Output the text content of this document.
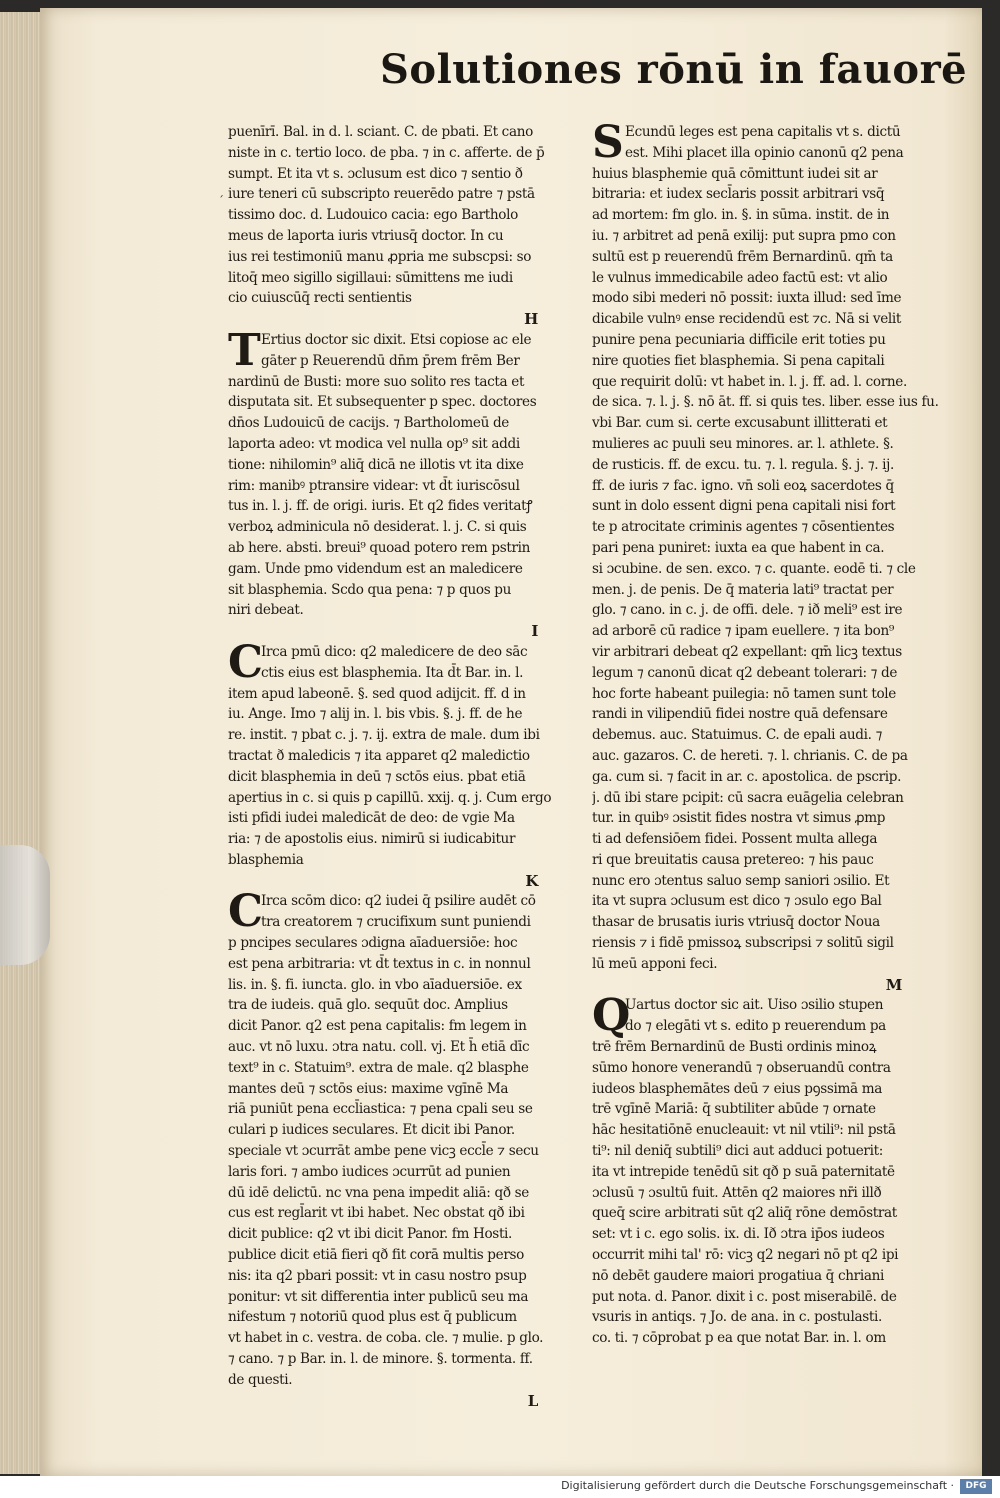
Solutiones rōnū in fauorē
ˊ
puenīrī. Bal. in d. l. sciant. C. de pbati. Et cano
niste in c. tertio loco. de pba. ⁊ in c. afferte. de p̄
sumpt. Et ita vt s. ɔclusum est dico ⁊ sentio ð
iure teneri cū subscripto reuerēdo patre ⁊ pstā
tissimo doc. d. Ludouico cacia: ego Bartholo
meus de laporta iuris vtriusq̄ doctor. In cu
ius rei testimoniū manu ꝓpria me subscpsi: so
litoq̄ meo sigillo sigillaui: sūmittens me iudi
cio cuiuscūq̄ recti sentientis
H
T Ertius doctor sic dixit. Etsi copiose ac ele
gāter p Reuerendū dn̄m p̄rem frēm Ber
nardinū de Busti: more suo solito res tacta et
disputata sit. Et subsequenter p spec. doctores
dn̄os Ludouicū de cacijs. ⁊ Bartholomeū de
laporta adeo: vt modica vel nulla op⁹ sit addi
tione: nihilomin⁹ aliq̄ dicā ne illotis vt ita dixe
rim: manibꝰ ptransire videar: vt d̄t iuriscōsul
tus in. l. j. ff. de origi. iuris. Et q2 fides veritatꝭ
verboꝝ adminicula nō desiderat. l. j. C. si quis
ab here. absti. breui⁹ quoad potero rem pstrin
gam. Unde pmo videndum est an maledicere
sit blasphemia. Scdo qua pena: ⁊ p quos pu
niri debeat.
I
C
Irca pmū dico: q2 maledicere de deo sāc
ctis eius est blasphemia. Ita d̄t Bar. in. l.
item apud labeonē. §. sed quod adijcit. ff. d in
iu. Ange. Imo ⁊ alij in. l. bis vbis. §. j. ff. de he
re. instit. ⁊ pbat c. j. ⁊. ij. extra de male. dum ibi
tractat ð maledicis ⁊ ita apparet q2 maledictio
dicit blasphemia in deū ⁊ sctōs eius. pbat etiā
apertius in c. si quis p capillū. xxij. q. j. Cum ergo
isti pfidi iudei maledicāt de deo: de vgie Ma
ria: ⁊ de apostolis eius. nimirū si iudicabitur
blasphemia
K
C
Irca scōm dico: q2 iudei q̄ psilire audēt cō
tra creatorem ⁊ crucifixum sunt puniendi
p pncipes seculares ɔdigna aīaduersiōe: hoc
est pena arbitraria: vt d̄t textus in c. in nonnul
lis. in. §. fi. iuncta. glo. in vbo aīaduersiōe. ex
tra de iudeis. quā glo. sequūt doc. Amplius
dicit Panor. q2 est pena capitalis: fm legem in
auc. vt nō luxu. ɔtra natu. coll. vj. Et h̄ etiā dīc
text⁹ in c. Statuim⁹. extra de male. q2 blasphe
mantes deū ⁊ sctōs eius: maxime vgīnē Ma
riā puniūt pena eccl̄iastica: ⁊ pena cpali seu se
culari p iudices seculares. Et dicit ibi Panor.
speciale vt ɔcurrāt ambe pene vicꝫ eccl̄e ⁊ secu
laris fori. ⁊ ambo iudices ɔcurrūt ad punien
dū idē delictū. nc vna pena impedit aliā: qð se
cus est regl̄arit vt ibi habet. Nec obstat qð ibi
dicit publice: q2 vt ibi dicit Panor. fm Hosti.
publice dicit etiā fieri qð fit corā multis perso
nis: ita q2 pbari possit: vt in casu nostro psup
ponitur: vt sit differentia inter publicū seu ma
nifestum ⁊ notoriū quod plus est q̄ publicum
vt habet in c. vestra. de coba. cle. ⁊ mulie. p glo.
⁊ cano. ⁊ p Bar. in. l. de minore. §. tormenta. ff.
de questi.
L
S Ecundū leges est pena capitalis vt s. dictū
est. Mihi placet illa opinio canonū q2 pena
huius blasphemie quā cōmittunt iudei sit ar
bitraria: et iudex secl̄aris possit arbitrari vsq̄
ad mortem: fm glo. in. §. in sūma. instit. de in
iu. ⁊ arbitret ad penā exilij: put supra pmo con
sultū est p reuerendū frēm Bernardinū. qm̄ ta
le vulnus immedicabile adeo factū est: vt alio
modo sibi mederi nō possit: iuxta illud: sed īme
dicabile vulnꝰ ense recidendū est ⁊c. Nā si velit
punire pena pecuniaria difficile erit toties pu
nire quoties fiet blasphemia. Si pena capitali
que requirit dolū: vt habet in. l. j. ff. ad. l. corne.
de sica. ⁊. l. j. §. nō āt. ff. si quis tes. liber. esse ius fu.
vbi Bar. cum si. certe excusabunt illitterati et
mulieres ac puuli seu minores. ar. l. athlete. §.
de rusticis. ff. de excu. tu. ⁊. l. regula. §. j. ⁊. ij.
ff. de iuris ⁊ fac. igno. vn̄ soli eoꝝ sacerdotes q̄
sunt in dolo essent digni pena capitali nisi fort
te p atrocitate criminis agentes ⁊ cōsentientes
pari pena puniret: iuxta ea que habent in ca.
si ɔcubine. de sen. exco. ⁊ c. quante. eodē ti. ⁊ cle
men. j. de penis. De q̄ materia lati⁹ tractat per
glo. ⁊ cano. in c. j. de offi. dele. ⁊ ið meli⁹ est ire
ad arborē cū radice ⁊ ipam euellere. ⁊ ita bon⁹
vir arbitrari debeat q2 expellant: qm̄ licꝫ textus
legum ⁊ canonū dicat q2 debeant tolerari: ⁊ de
hoc forte habeant puilegia: nō tamen sunt tole
randi in vilipendiū fidei nostre quā defensare
debemus. auc. Statuimus. C. de epali audi. ⁊
auc. gazaros. C. de hereti. ⁊. l. chrianis. C. de pa
ga. cum si. ⁊ facit in ar. c. apostolica. de pscrip.
j. dū ibi stare pcipit: cū sacra euāgelia celebran
tur. in quibꝰ ɔsistit fides nostra vt simus ꝓmp
ti ad defensiōem fidei. Possent multa allega
ri que breuitatis causa pretereo: ⁊ his pauc
nunc ero ɔtentus saluo semp saniori ɔsilio. Et
ita vt supra ɔclusum est dico ⁊ ɔsulo ego Bal
thasar de brusatis iuris vtriusq̄ doctor Noua
riensis ⁊ i fidē pmissoꝝ subscripsi ⁊ solitū sigil
lū meū apponi feci.
M
Q
Uartus doctor sic ait. Uiso ɔsilio stupen
do ⁊ elegāti vt s. edito p reuerendum pa
trē frēm Bernardinū de Busti ordinis minoꝝ
sūmo honore venerandū ⁊ obseruandū contra
iudeos blasphemātes deū ⁊ eius pꝯssimā ma
trē vgīnē Mariā: q̄ subtiliter abūde ⁊ ornate
hāc hesitatiōnē enucleauit: vt nil vtili⁹: nil pstā
ti⁹: nil deniq̄ subtili⁹ dici aut adduci potuerit:
ita vt intrepide tenēdū sit qð p suā paternitatē
ɔclusū ⁊ ɔsultū fuit. Attēn q2 maiores nr̄i illð
queq̄ scire arbitrati sūt q2 aliq̄ rōne demōstrat
set: vt i c. ego solis. ix. di. Ið ɔtra ip̄os iudeos
occurrit mihi tal' rō: vicꝫ q2 negari nō pt q2 ipi
nō debēt gaudere maiori progatiua q̄ chriani
put nota. d. Panor. dixit i c. post miserabilē. de
vsuris in antiqs. ⁊ Jo. de ana. in c. postulasti.
co. ti. ⁊ cōprobat p ea que notat Bar. in. l. om
Digitalisierung gefördert durch die Deutsche Forschungsgemeinschaft ·	DFG
